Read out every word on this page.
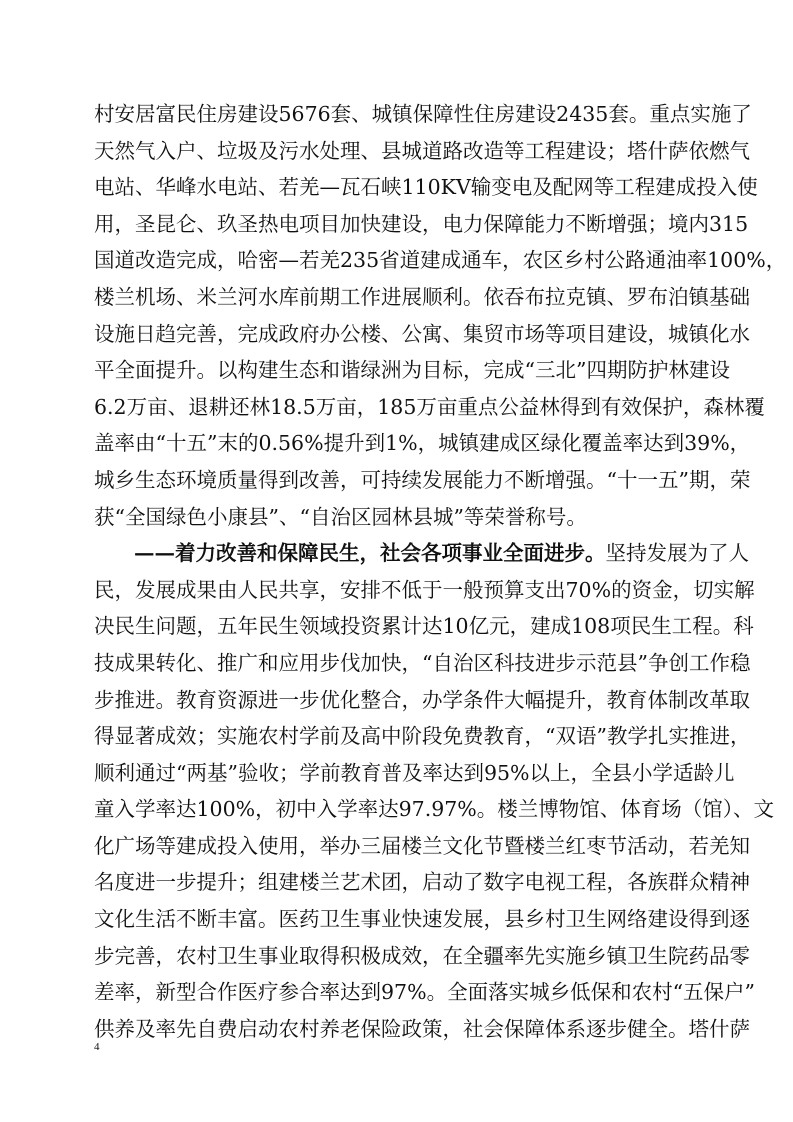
村安居富民住房建设5676套、城镇保障性住房建设2435套。重点实施了
天然气入户、垃圾及污水处理、县城道路改造等工程建设；塔什萨依燃气
电站、华峰水电站、若羌—瓦石峡110KV输变电及配网等工程建成投入使
用，圣昆仑、玖圣热电项目加快建设，电力保障能力不断增强；境内315
国道改造完成，哈密—若羌235省道建成通车，农区乡村公路通油率100%，
楼兰机场、米兰河水库前期工作进展顺利。依吞布拉克镇、罗布泊镇基础
设施日趋完善，完成政府办公楼、公寓、集贸市场等项目建设，城镇化水
平全面提升。以构建生态和谐绿洲为目标，完成“三北”四期防护林建设
6.2万亩、退耕还林18.5万亩，185万亩重点公益林得到有效保护，森林覆
盖率由“十五”末的0.56%提升到1%，城镇建成区绿化覆盖率达到39%，
城乡生态环境质量得到改善，可持续发展能力不断增强。“十一五”期，荣
获“全国绿色小康县”、“自治区园林县城”等荣誉称号。
——着力改善和保障民生，社会各项事业全面进步。坚持发展为了人
民，发展成果由人民共享，安排不低于一般预算支出70%的资金，切实解
决民生问题，五年民生领域投资累计达10亿元，建成108项民生工程。科
技成果转化、推广和应用步伐加快，“自治区科技进步示范县”争创工作稳
步推进。教育资源进一步优化整合，办学条件大幅提升，教育体制改革取
得显著成效；实施农村学前及高中阶段免费教育，“双语”教学扎实推进，
顺利通过“两基”验收；学前教育普及率达到95%以上，全县小学适龄儿
童入学率达100%，初中入学率达97.97%。楼兰博物馆、体育场（馆）、文
化广场等建成投入使用，举办三届楼兰文化节暨楼兰红枣节活动，若羌知
名度进一步提升；组建楼兰艺术团，启动了数字电视工程，各族群众精神
文化生活不断丰富。医药卫生事业快速发展，县乡村卫生网络建设得到逐
步完善，农村卫生事业取得积极成效，在全疆率先实施乡镇卫生院药品零
差率，新型合作医疗参合率达到97%。全面落实城乡低保和农村“五保户”
供养及率先自费启动农村养老保险政策，社会保障体系逐步健全。塔什萨
4
